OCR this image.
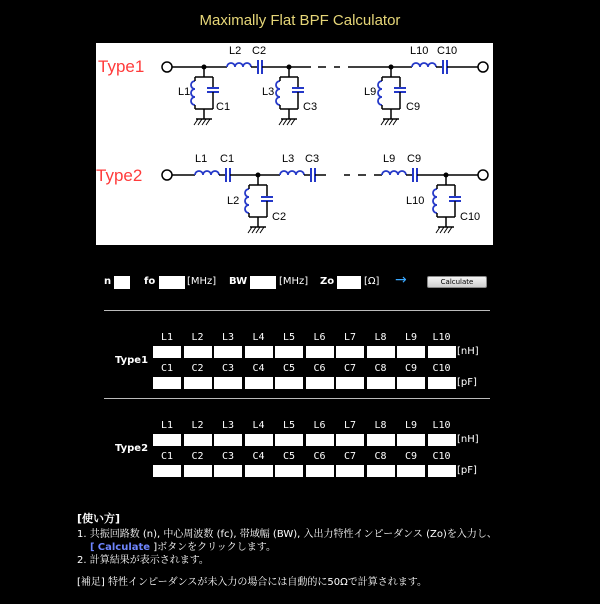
Maximally Flat BPF Calculator
Type1
L2 C2	L10 C10
L1
C1
L3
C3
L9
C9
Type2
L1 C1	L3 C3	L9 C9
L2
C2
L10
C10
n	fo	[MHz] BW	[MHz] Zo	[Ω] →	Calculate
Type1
Type2
[使い方]
1. 共振回路数 (n), 中心周波数 (fc), 帯域幅 (BW), 入出力特性インピーダンス (Zo)を入力し、
[ Calculate ]ボタンをクリックします。
2. 計算結果が表示されます。
[補足] 特性インピーダンスが未入力の場合には自動的に50Ωで計算されます。
L1	L2	L3	L4	L5	L6	L7	L8	L9	L10
[nH]
C1	C2	C3	C4	C5	C6	C7	C8	C9	C10
[pF]
L1	L2	L3	L4	L5	L6	L7	L8	L9	L10
[nH]
C1	C2	C3	C4	C5	C6	C7	C8	C9	C10
[pF]
